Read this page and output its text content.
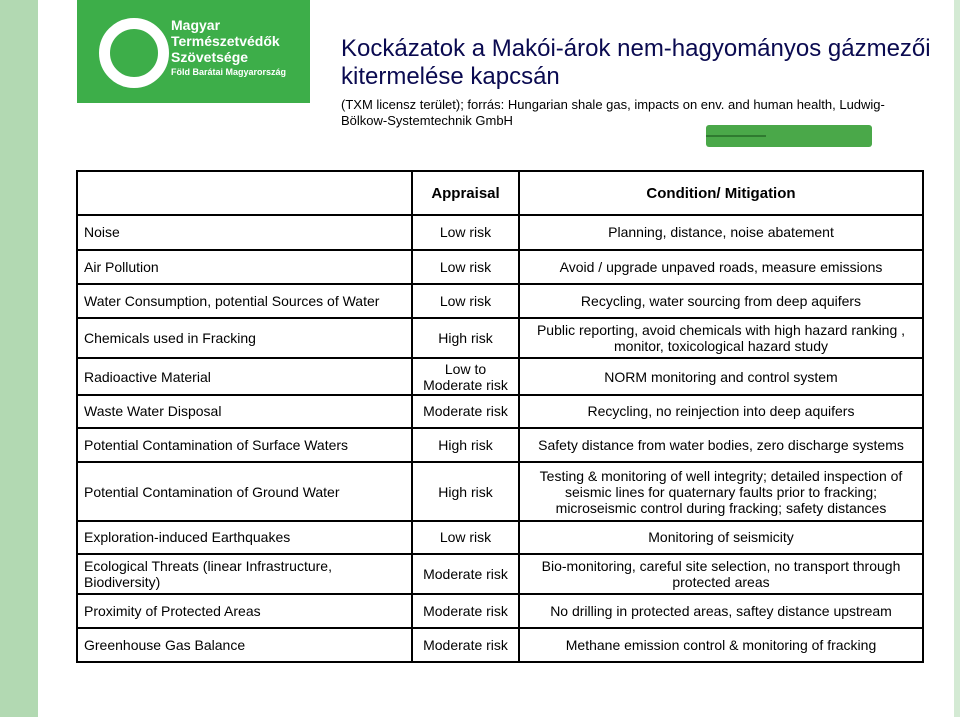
Magyar
Természetvédők
Szövetsége
Föld Barátai Magyarország
Kockázatok a Makói-árok nem-hagyományos gázmezői kitermelése kapcsán
(TXM licensz terület); forrás: Hungarian shale gas, impacts on env. and human health, Ludwig-Bölkow-Systemtechnik GmbH
	Appraisal	Condition/ Mitigation
Noise	Low risk	Planning, distance, noise abatement
Air Pollution	Low risk	Avoid / upgrade unpaved roads, measure emissions
Water Consumption, potential Sources of Water	Low risk	Recycling, water sourcing from deep aquifers
Chemicals used in Fracking	High risk	Public reporting, avoid chemicals with high hazard ranking , monitor, toxicological hazard study
Radioactive Material	Low to Moderate risk	NORM monitoring and control system
Waste Water Disposal	Moderate risk	Recycling, no reinjection into deep aquifers
Potential Contamination of Surface Waters	High risk	Safety distance from water bodies, zero discharge systems
Potential Contamination of Ground Water	High risk	Testing & monitoring of well integrity; detailed inspection of seismic lines for quaternary faults prior to fracking; microseismic control during fracking; safety distances
Exploration-induced Earthquakes	Low risk	Monitoring of seismicity
Ecological Threats (linear Infrastructure, Biodiversity)	Moderate risk	Bio-monitoring, careful site selection, no transport through protected areas
Proximity of Protected Areas	Moderate risk	No drilling in protected areas, saftey distance upstream
Greenhouse Gas Balance	Moderate risk	Methane emission control & monitoring of fracking
